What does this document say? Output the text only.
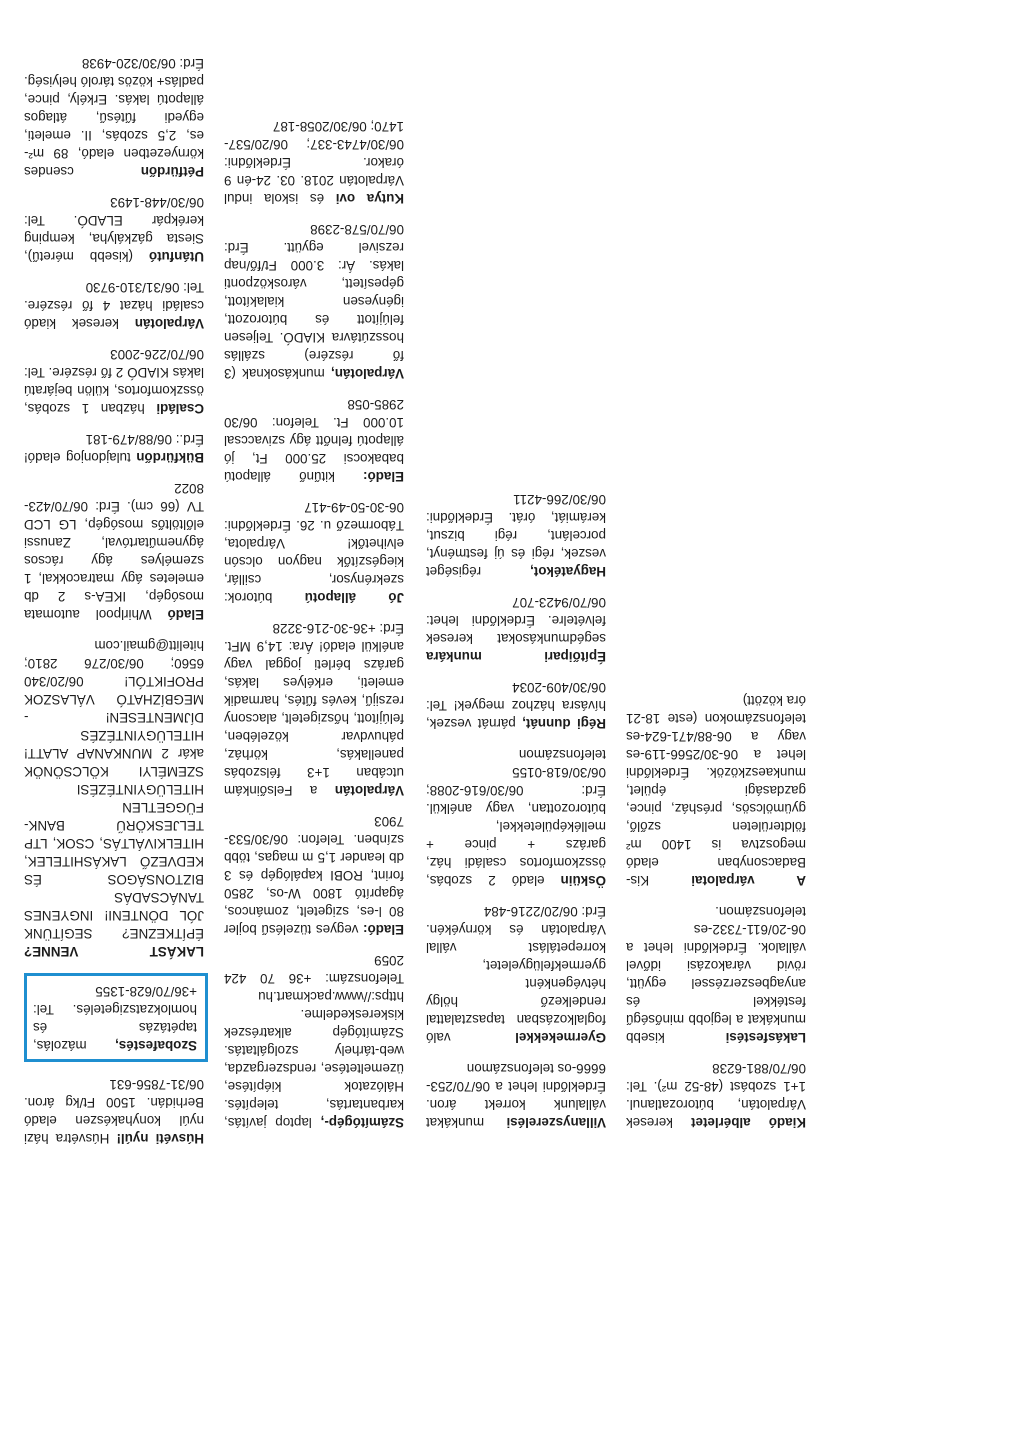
Kiadó albérletet keresek Várpalotán, bútorozatlanul. 1+1 szobást (48-52 m²). Tel: 06/70/881-6238

Lakásfestési kisebb munkákat a legjobb minőségű festékkel és anyagbeszerzéssel együtt, rövid várakozási idővel vállalok. Érdeklődni lehet a 06-20/611-7332-es telefonszámon.

A várpalotai Kis-Badacsonyban eladó megosztva is 1400 m² földterületen szőlő, gyümölcsös, présház, pince, gazdasági épület, munkaeszközök. Érdeklődni lehet a 06-30/2566-119-es vagy a 06-88/471-624-es telefonszámokon (este 18-21 óra között)

Villanyszerelési munkákat vállalunk korrekt áron. Érdeklődni lehet a 06/70/253-6666-os telefonszámon

Gyermekekkel való foglalkozásban tapasztalattal rendelkező hölgy hétvégenként gyermekfelügyeletet, korrepetálást vállal Várpalotán és környékén. Érd: 06/20/2216-484

Ösküin eladó 2 szobás, összkomfortos családi ház, garázs + pince + melléképületekkel, bútorozottan, vagy anélkül. Érd: 06/30/616-2088; 06/30/618-0155 telefonszámon

Régi dunnát, párnát veszek, hívásra házhoz megyek! Tel: 06/30/409-2034

Építőipari munkára segédmunkásokat keresek felvételre. Érdeklődni lehet: 06/70/9423-707

Hagyatékot, régiséget veszek, régi és új festményt, porcelánt, régi bizsut, kerámiát, órát. Érdeklődni: 06/30/266-4211

Számítógép-, laptop javítás, karbantartás, telepítés. Hálózatok kiépítése, üzemeltetése, rendszergazda, web-tárhely szolgáltatás. Számítógép alkatrészek kiskereskedelme. https://www.packmart.hu Telefonszám: +36 70 424 2059

Eladó: vegyes tüzelésű bojler 80 l-es, szigetelt, zománcos, ágaprító 1800 W-os, 2850 forint, ROBI kapálógép és 3 db leander 1,5 m magas, több színben. Telefon: 06/30/533-7903

Várpalotán a Felsőinkám utcában 1+3 félszobás panellakás, körház, páhuvdvar közelében, felújított, hőszigetelt, alacsony rezsijű, kevés fűtés, harmadik emeleti, erkélyes lakás, garázs bérleti joggal vagy anélkül eladó! Ára: 14,9 MFt. Érd: +36-30-216-3228

Jó állapotú bútorok: szekrénysor, csillár, kiegészítők nagyon olcsón elvihetők! Várpalota, Tábormező u. 26. Érdeklődni: 06-30-50-49-417

Eladó: kitűnő állapotú babakocsi 25.000 Ft, jó állapotú felnőtt ágy szivaccsal 10.000 Ft. Telefon: 06/30 2985-058

Várpalotán, munkásoknak (3 fő részére) szállás hosszútávra KIADÓ. Teljesen felújított és bútorozott, igényesen kialakított, gépesített, városközponti lakás. Ár: 3.000 Ft/fő/nap rezsivel együtt. Érd: 06/70/578-2398

Kutya ovi és iskola indul Várpalotán 2018. 03. 24-én 9 órakor. Érdeklődni: 06/30/4743-337; 06/20/537-1470; 06/30/2058-187

Húsvéti nyúl! Húsvétra házi nyúl konyhakészen eladó Berhidán. 1500 Ft/kg áron. 06/31-7856-631

Szobafestés, mázolás, tapétázás és homlokzatszigetelés. Tel: +36/70/628-1355

LAKÁST VENNE? ÉPÍTKEZNE? SEGÍTÜNK JÓL DÖNTENI! INGYENES TANÁCSADÁS BIZTONSÁGOS ÉS KEDVEZŐ LAKÁSHITELEK, HITELKIVÁLTÁS, CSOK, LTP TELJESKÖRŰ BANK-FÜGGETLEN HITELÜGYINTÉZÉSI SZEMÉLYI KÖLCSÖNÖK akár 2 MUNKANAP ALATT! HITELÜGYINTÉZÉS DÍJMENTESEN! - MEGBÍZHATÓ VÁLASZOK PROFIKTÓL! 06/20/340 6560; 06/30/276 2810; hitelitt@gmail.com

Eladó Whirlpool automata mosógép, IKEA-s 2 db emeletes ágy matracokkal, 1 személyes ágy rácsos ágyneműtartóval, Zanussi előltöltős mosógép, LG LCD TV (66 cm). Érd: 06/70/423-8022

Bükfürdőn tulajdonjog eladó! Érd.: 06/88/479-181

Családi házban 1 szobás, összkomfortos, külön bejáratú lakás KIADÓ 2 fő részére. Tel: 06/70/226-2003

Várpalotán keresek kiadó családi házat 4 fő részére. Tel: 06/31/310-9730

Utánfutó (kisebb méretű), Siesta gázkályha, kemping kerékpár ELADÓ. Tel: 06/30/448-1493

Pétfürdőn csendes környezetben eladó, 89 m²-es, 2,5 szobás, II. emeleti, egyedi fűtésű, átlagos állapotú lakás. Erkély, pince, padlás+ közös tároló helyiség. Érd: 06/30/320-4938
